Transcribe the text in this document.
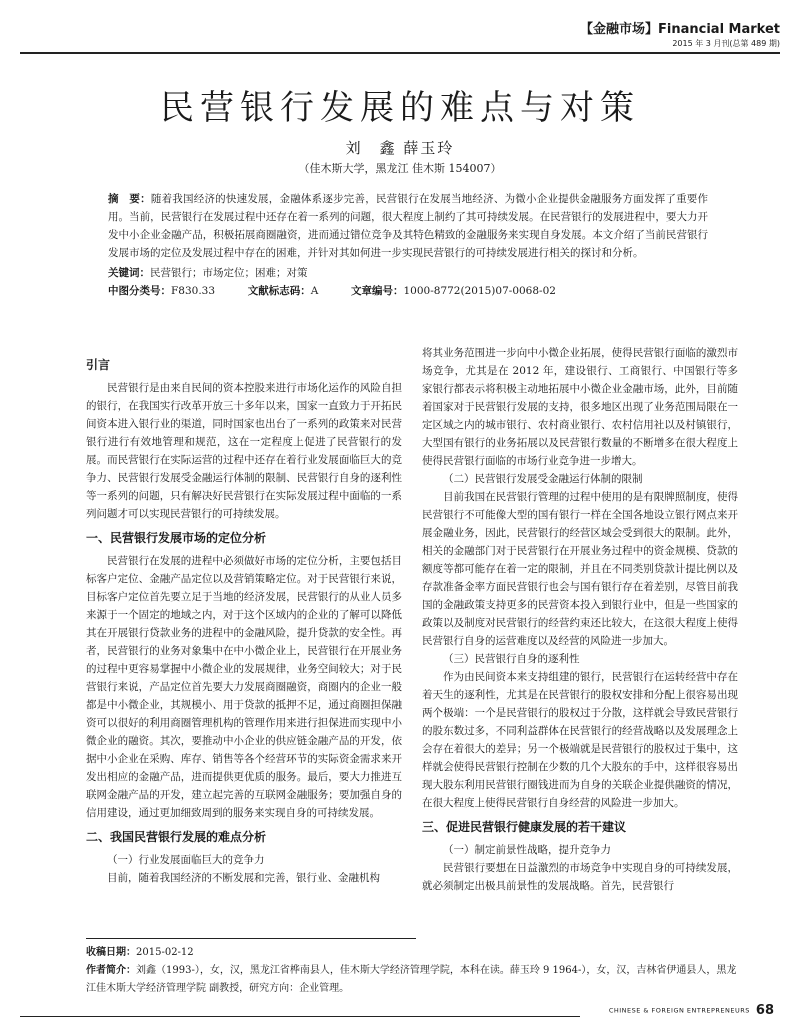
【金融市场】Financial Market
2015 年 3 月刊(总第 489 期)
民营银行发展的难点与对策
刘　鑫 薛玉玲
（佳木斯大学，黑龙江 佳木斯 154007）
摘　要：随着我国经济的快速发展，金融体系逐步完善，民营银行在发展当地经济、为微小企业提供金融服务方面发挥了重要作用。当前，民营银行在发展过程中还存在着一系列的问题，很大程度上制约了其可持续发展。在民营银行的发展进程中，要大力开发中小企业金融产品，积极拓展商圈融资，进而通过错位竞争及其特色精致的金融服务来实现自身发展。本文介绍了当前民营银行发展市场的定位及发展过程中存在的困难，并针对其如何进一步实现民营银行的可持续发展进行相关的探讨和分析。
关键词：民营银行；市场定位；困难；对策
中图分类号：F830.33	文献标志码：A	文章编号：1000-8772(2015)07-0068-02
引言

民营银行是由来自民间的资本控股来进行市场化运作的风险自担的银行，在我国实行改革开放三十多年以来，国家一直致力于开拓民间资本进入银行业的渠道，同时国家也出台了一系列的政策来对民营银行进行有效地管理和规范，这在一定程度上促进了民营银行的发展。而民营银行在实际运营的过程中还存在着行业发展面临巨大的竞争力、民营银行发展受金融运行体制的限制、民营银行自身的逐利性等一系列的问题，只有解决好民营银行在实际发展过程中面临的一系列问题才可以实现民营银行的可持续发展。

一、民营银行发展市场的定位分析

民营银行在发展的进程中必须做好市场的定位分析，主要包括目标客户定位、金融产品定位以及营销策略定位。对于民营银行来说，目标客户定位首先要立足于当地的经济发展，民营银行的从业人员多来源于一个固定的地域之内，对于这个区域内的企业的了解可以降低其在开展银行贷款业务的进程中的金融风险，提升贷款的安全性。再者，民营银行的业务对象集中在中小微企业上，民营银行在开展业务的过程中更容易掌握中小微企业的发展规律，业务空间较大；对于民营银行来说，产品定位首先要大力发展商圈融资，商圈内的企业一般都是中小微企业，其规模小、用于贷款的抵押不足，通过商圈担保融资可以很好的利用商圈管理机构的管理作用来进行担保进而实现中小微企业的融资。其次，要推动中小企业的供应链金融产品的开发，依据中小企业在采购、库存、销售等各个经营环节的实际资金需求来开发出相应的金融产品，进而提供更优质的服务。最后，要大力推进互联网金融产品的开发，建立起完善的互联网金融服务；要加强自身的信用建设，通过更加细致周到的服务来实现自身的可持续发展。

二、我国民营银行发展的难点分析
（一）行业发展面临巨大的竞争力

目前，随着我国经济的不断发展和完善，银行业、金融机构

将其业务范围进一步向中小微企业拓展，使得民营银行面临的激烈市场竞争，尤其是在 2012 年，建设银行、工商银行、中国银行等多家银行都表示将积极主动地拓展中小微企业金融市场，此外，目前随着国家对于民营银行发展的支持，很多地区出现了业务范围局限在一定区域之内的城市银行、农村商业银行、农村信用社以及村镇银行，大型国有银行的业务拓展以及民营银行数量的不断增多在很大程度上使得民营银行面临的市场行业竞争进一步增大。

（二）民营银行发展受金融运行体制的限制

目前我国在民营银行管理的过程中使用的是有限牌照制度，使得民营银行不可能像大型的国有银行一样在全国各地设立银行网点来开展金融业务，因此，民营银行的经营区域会受到很大的限制。此外，相关的金融部门对于民营银行在开展业务过程中的资金规模、贷款的额度等都可能存在着一定的限制，并且在不同类别贷款计提比例以及存款准备金率方面民营银行也会与国有银行存在着差别，尽管目前我国的金融政策支持更多的民营资本投入到银行业中，但是一些国家的政策以及制度对民营银行的经营约束还比较大，在这很大程度上使得民营银行自身的运营难度以及经营的风险进一步加大。

（三）民营银行自身的逐利性

作为由民间资本来支持组建的银行，民营银行在运转经营中存在着天生的逐利性，尤其是在民营银行的股权安排和分配上很容易出现两个极端：一个是民营银行的股权过于分散，这样就会导致民营银行的股东数过多，不同利益群体在民营银行的经营战略以及发展理念上会存在着很大的差异；另一个极端就是民营银行的股权过于集中，这样就会使得民营银行控制在少数的几个大股东的手中，这样很容易出现大股东利用民营银行圈钱进而为自身的关联企业提供融资的情况，在很大程度上使得民营银行自身经营的风险进一步加大。

三、促进民营银行健康发展的若干建议
（一）制定前景性战略，提升竞争力

民营银行要想在日益激烈的市场竞争中实现自身的可持续发展，就必须制定出极具前景性的发展战略。首先，民营银行

收稿日期：2015-02-12
作者简介：刘鑫（1993-），女，汉，黑龙江省桦南县人，佳木斯大学经济管理学院，本科在读。薛玉玲 9 1964-），女，汉，吉林省伊通县人，黑龙江佳木斯大学经济管理学院 副教授，研究方向：企业管理。
CHINESE & FOREIGN ENTREPRENEURS 68
